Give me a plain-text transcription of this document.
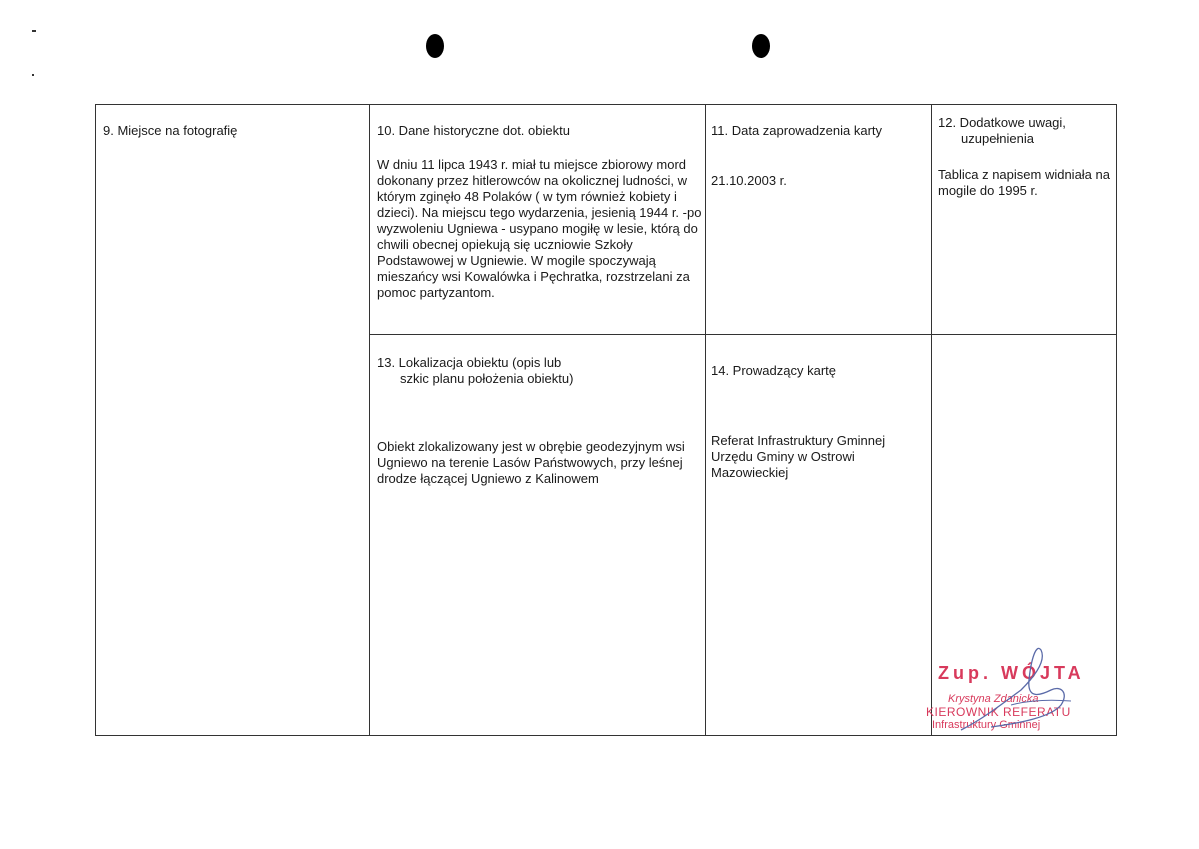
9. Miejsce na fotografię	10. Dane historyczne dot. obiektu
W dniu 11 lipca 1943 r. miał tu miejsce zbiorowy mord dokonany przez hitlerowców na okolicznej ludności, w którym zginęło 48 Polaków ( w tym również kobiety i dzieci). Na miejscu tego wydarzenia, jesienią 1944 r. -po wyzwoleniu Ugniewa - usypano mogiłę w lesie, którą do chwili obecnej opiekują się uczniowie Szkoły Podstawowej w Ugniewie. W mogile spoczywają mieszańcy wsi Kowalówka i Pęchratka, rozstrzelani za pomoc partyzantom.
11. Data zaprowadzenia karty
21.10.2003 r.
12. Dodatkowe uwagi,
uzupełnienia
Tablica z napisem widniała na mogile do 1995 r.
13. Lokalizacja obiektu (opis lub
szkic planu położenia obiektu)
Obiekt zlokalizowany jest w obrębie geodezyjnym wsi Ugniewo na terenie Lasów Państwowych, przy leśnej drodze łączącej Ugniewo z Kalinowem
14. Prowadzący kartę
Referat Infrastruktury Gminnej Urzędu Gminy w Ostrowi Mazowieckiej
Zup. WÓJTA
Krystyna Zdanicka
KIEROWNIK REFERATU
Infrastruktury Gminnej
